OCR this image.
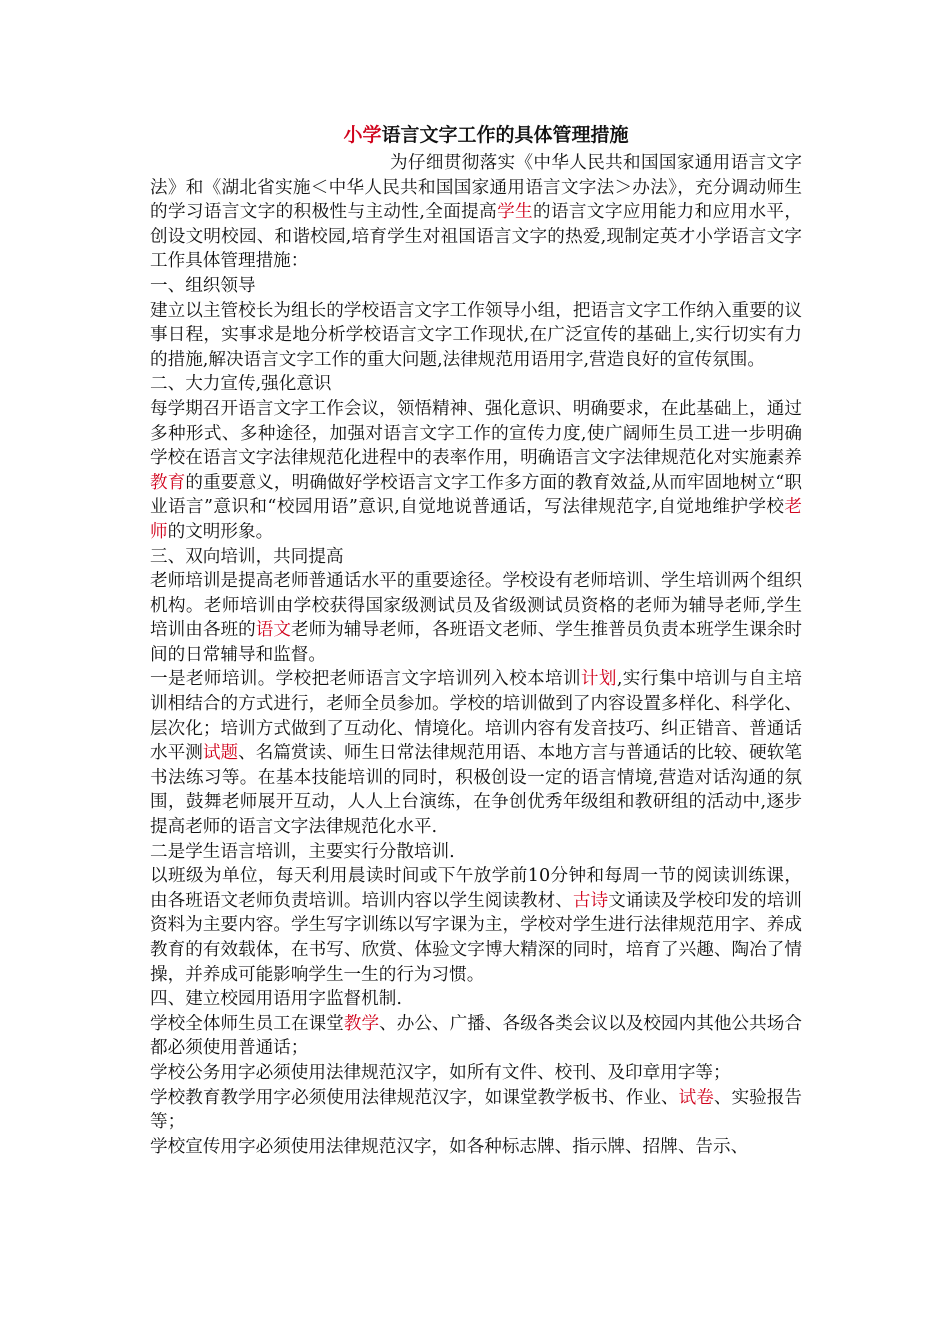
小学语言文字工作的具体管理措施

为仔细贯彻落实《中华人民共和国国家通用语言文字法》和《湖北省实施＜中华人民共和国国家通用语言文字法＞办法》，充分调动师生的学习语言文字的积极性与主动性,全面提高学生的语言文字应用能力和应用水平，创设文明校园、和谐校园,培育学生对祖国语言文字的热爱,现制定英才小学语言文字工作具体管理措施：

一、组织领导

建立以主管校长为组长的学校语言文字工作领导小组，把语言文字工作纳入重要的议事日程，实事求是地分析学校语言文字工作现状,在广泛宣传的基础上,实行切实有力的措施,解决语言文字工作的重大问题,法律规范用语用字,营造良好的宣传氛围。

二、大力宣传,强化意识

每学期召开语言文字工作会议，领悟精神、强化意识、明确要求，在此基础上，通过多种形式、多种途径，加强对语言文字工作的宣传力度,使广阔师生员工进一步明确学校在语言文字法律规范化进程中的表率作用，明确语言文字法律规范化对实施素养教育的重要意义，明确做好学校语言文字工作多方面的教育效益,从而牢固地树立“职业语言”意识和“校园用语”意识,自觉地说普通话，写法律规范字,自觉地维护学校老师的文明形象。

三、双向培训，共同提高

老师培训是提高老师普通话水平的重要途径。学校设有老师培训、学生培训两个组织机构。老师培训由学校获得国家级测试员及省级测试员资格的老师为辅导老师,学生培训由各班的语文老师为辅导老师，各班语文老师、学生推普员负责本班学生课余时间的日常辅导和监督。

一是老师培训。学校把老师语言文字培训列入校本培训计划,实行集中培训与自主培训相结合的方式进行，老师全员参加。学校的培训做到了内容设置多样化、科学化、层次化；培训方式做到了互动化、情境化。培训内容有发音技巧、纠正错音、普通话水平测试题、名篇赏读、师生日常法律规范用语、本地方言与普通话的比较、硬软笔书法练习等。在基本技能培训的同时，积极创设一定的语言情境,营造对话沟通的氛围，鼓舞老师展开互动，人人上台演练，在争创优秀年级组和教研组的活动中,逐步提高老师的语言文字法律规范化水平.

二是学生语言培训，主要实行分散培训.

以班级为单位，每天利用晨读时间或下午放学前10分钟和每周一节的阅读训练课，由各班语文老师负责培训。培训内容以学生阅读教材、古诗文诵读及学校印发的培训资料为主要内容。学生写字训练以写字课为主，学校对学生进行法律规范用字、养成教育的有效载体，在书写、欣赏、体验文字博大精深的同时，培育了兴趣、陶冶了情操，并养成可能影响学生一生的行为习惯。

四、建立校园用语用字监督机制.

学校全体师生员工在课堂教学、办公、广播、各级各类会议以及校园内其他公共场合都必须使用普通话；

学校公务用字必须使用法律规范汉字，如所有文件、校刊、及印章用字等；

学校教育教学用字必须使用法律规范汉字，如课堂教学板书、作业、试卷、实验报告等；

学校宣传用字必须使用法律规范汉字，如各种标志牌、指示牌、招牌、告示、
